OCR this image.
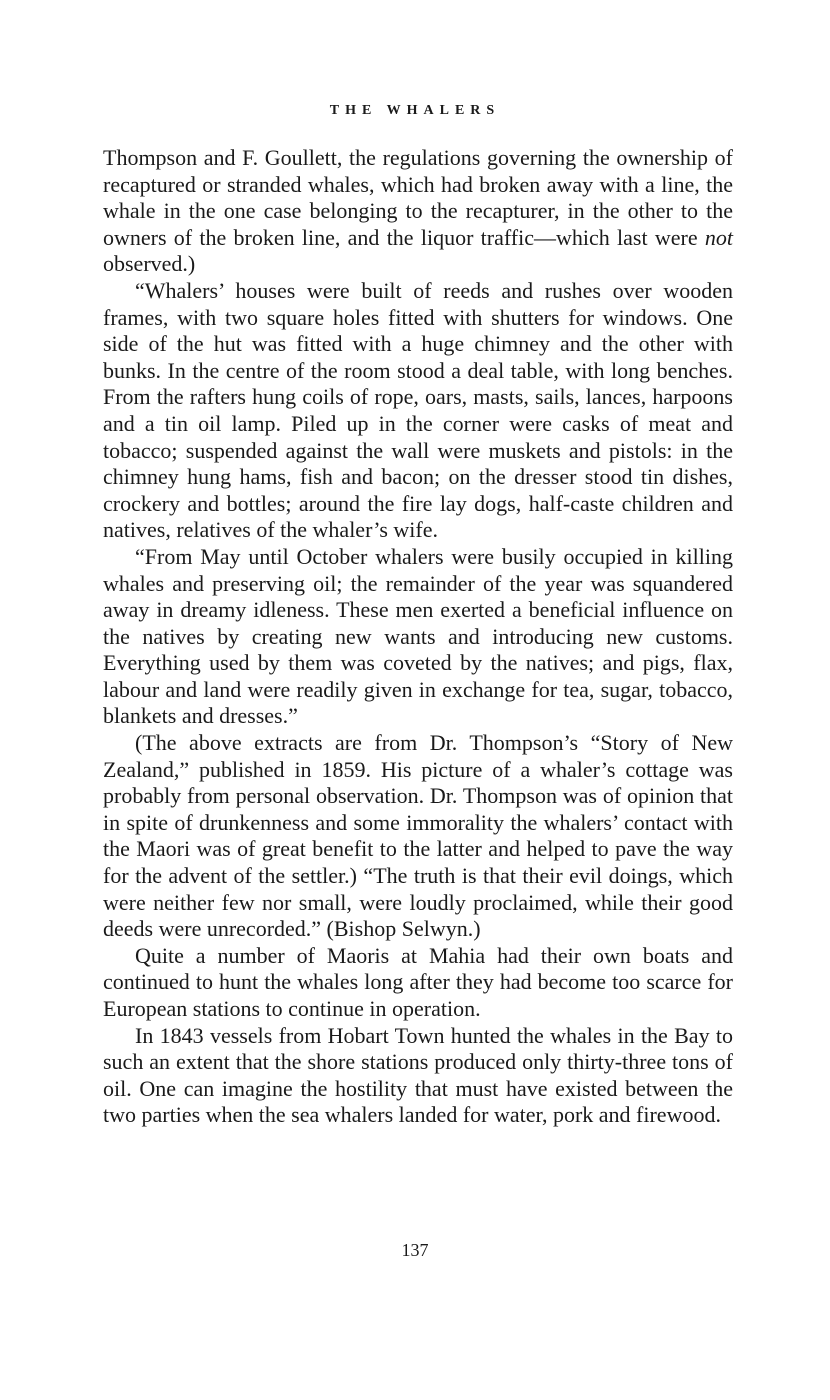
THE WHALERS

Thompson and F. Goullett, the regulations governing the ownership of recaptured or stranded whales, which had broken away with a line, the whale in the one case belonging to the recapturer, in the other to the owners of the broken line, and the liquor traffic—which last were not observed.)

“Whalers’ houses were built of reeds and rushes over wooden frames, with two square holes fitted with shutters for windows. One side of the hut was fitted with a huge chimney and the other with bunks. In the centre of the room stood a deal table, with long benches. From the rafters hung coils of rope, oars, masts, sails, lances, harpoons and a tin oil lamp. Piled up in the corner were casks of meat and tobacco; suspended against the wall were muskets and pistols: in the chimney hung hams, fish and bacon; on the dresser stood tin dishes, crockery and bottles; around the fire lay dogs, half-caste children and natives, relatives of the whaler’s wife.

“From May until October whalers were busily occupied in killing whales and preserving oil; the remainder of the year was squandered away in dreamy idleness. These men exerted a beneficial influence on the natives by creating new wants and introducing new customs. Everything used by them was coveted by the natives; and pigs, flax, labour and land were readily given in exchange for tea, sugar, tobacco, blankets and dresses.”

(The above extracts are from Dr. Thompson’s “Story of New Zealand,” published in 1859. His picture of a whaler’s cottage was probably from personal observation. Dr. Thompson was of opinion that in spite of drunkenness and some immorality the whalers’ contact with the Maori was of great benefit to the latter and helped to pave the way for the advent of the settler.) “The truth is that their evil doings, which were neither few nor small, were loudly proclaimed, while their good deeds were unrecorded.” (Bishop Selwyn.)

Quite a number of Maoris at Mahia had their own boats and continued to hunt the whales long after they had become too scarce for European stations to continue in operation.

In 1843 vessels from Hobart Town hunted the whales in the Bay to such an extent that the shore stations produced only thirty-three tons of oil. One can imagine the hostility that must have existed between the two parties when the sea whalers landed for water, pork and firewood.

137
